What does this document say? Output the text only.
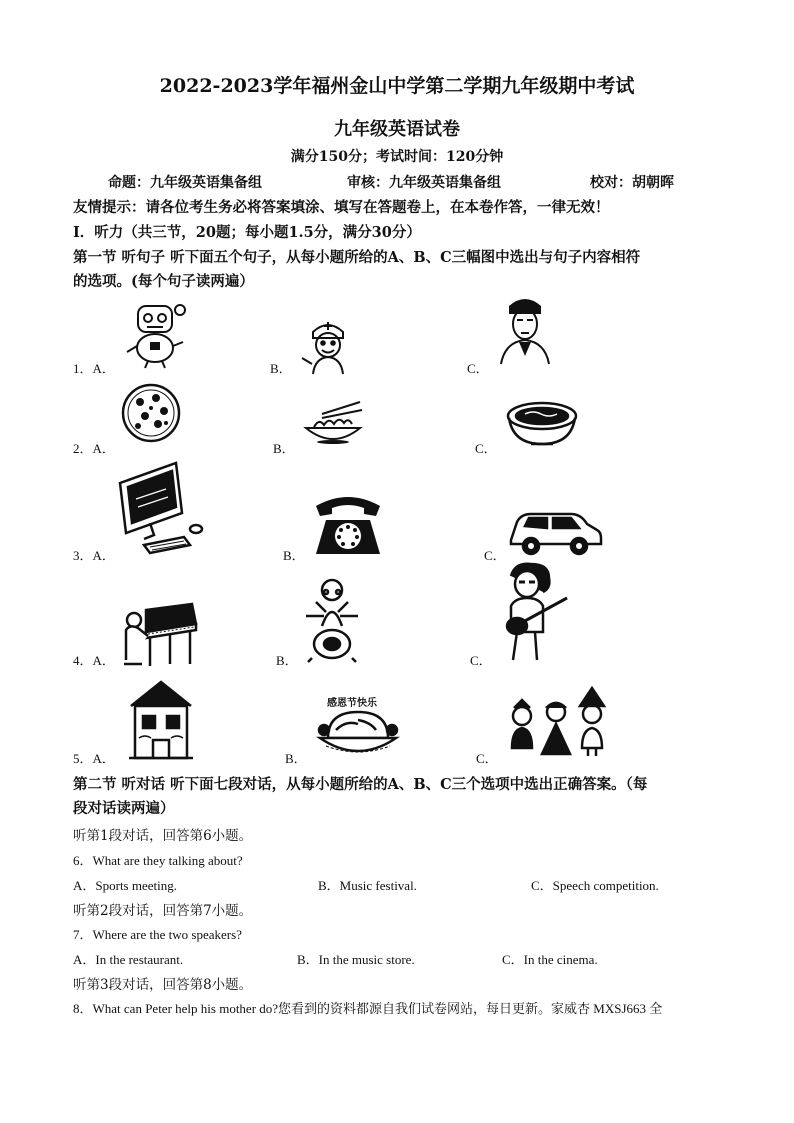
2022-2023学年福州金山中学第二学期九年级期中考试
九年级英语试卷
满分150分；考试时间：120分钟
命题：九年级英语集备组	审核：九年级英语集备组	校对：胡朝晖
友情提示：请各位考生务必将答案填涂、填写在答题卷上，在本卷作答，一律无效！
I．听力（共三节，20题；每小题1.5分，满分30分）
第一节 听句子 听下面五个句子，从每小题所给的A、B、C三幅图中选出与句子内容相符
的选项。(每个句子读两遍）
1．A．	B．	C．
2．A．	B．	C．
3．A．	B．	C．
4．A．	B．	C．
5．A．	B．	C．
感恩节快乐
第二节 听对话 听下面七段对话，从每小题所给的A、B、C三个选项中选出正确答案。（每
段对话读两遍）
听第1段对话，回答第6小题。
6．What are they talking about?
A．Sports meeting.	B．Music festival.	C．Speech competition.
听第2段对话，回答第7小题。
7．Where are the two speakers?
A．In the restaurant.	B．In the music store.	C．In the cinema.
听第3段对话，回答第8小题。
8．What can Peter help his mother do?您看到的资料都源自我们试卷网站，每日更新。家威杏 MXSJ663 全
